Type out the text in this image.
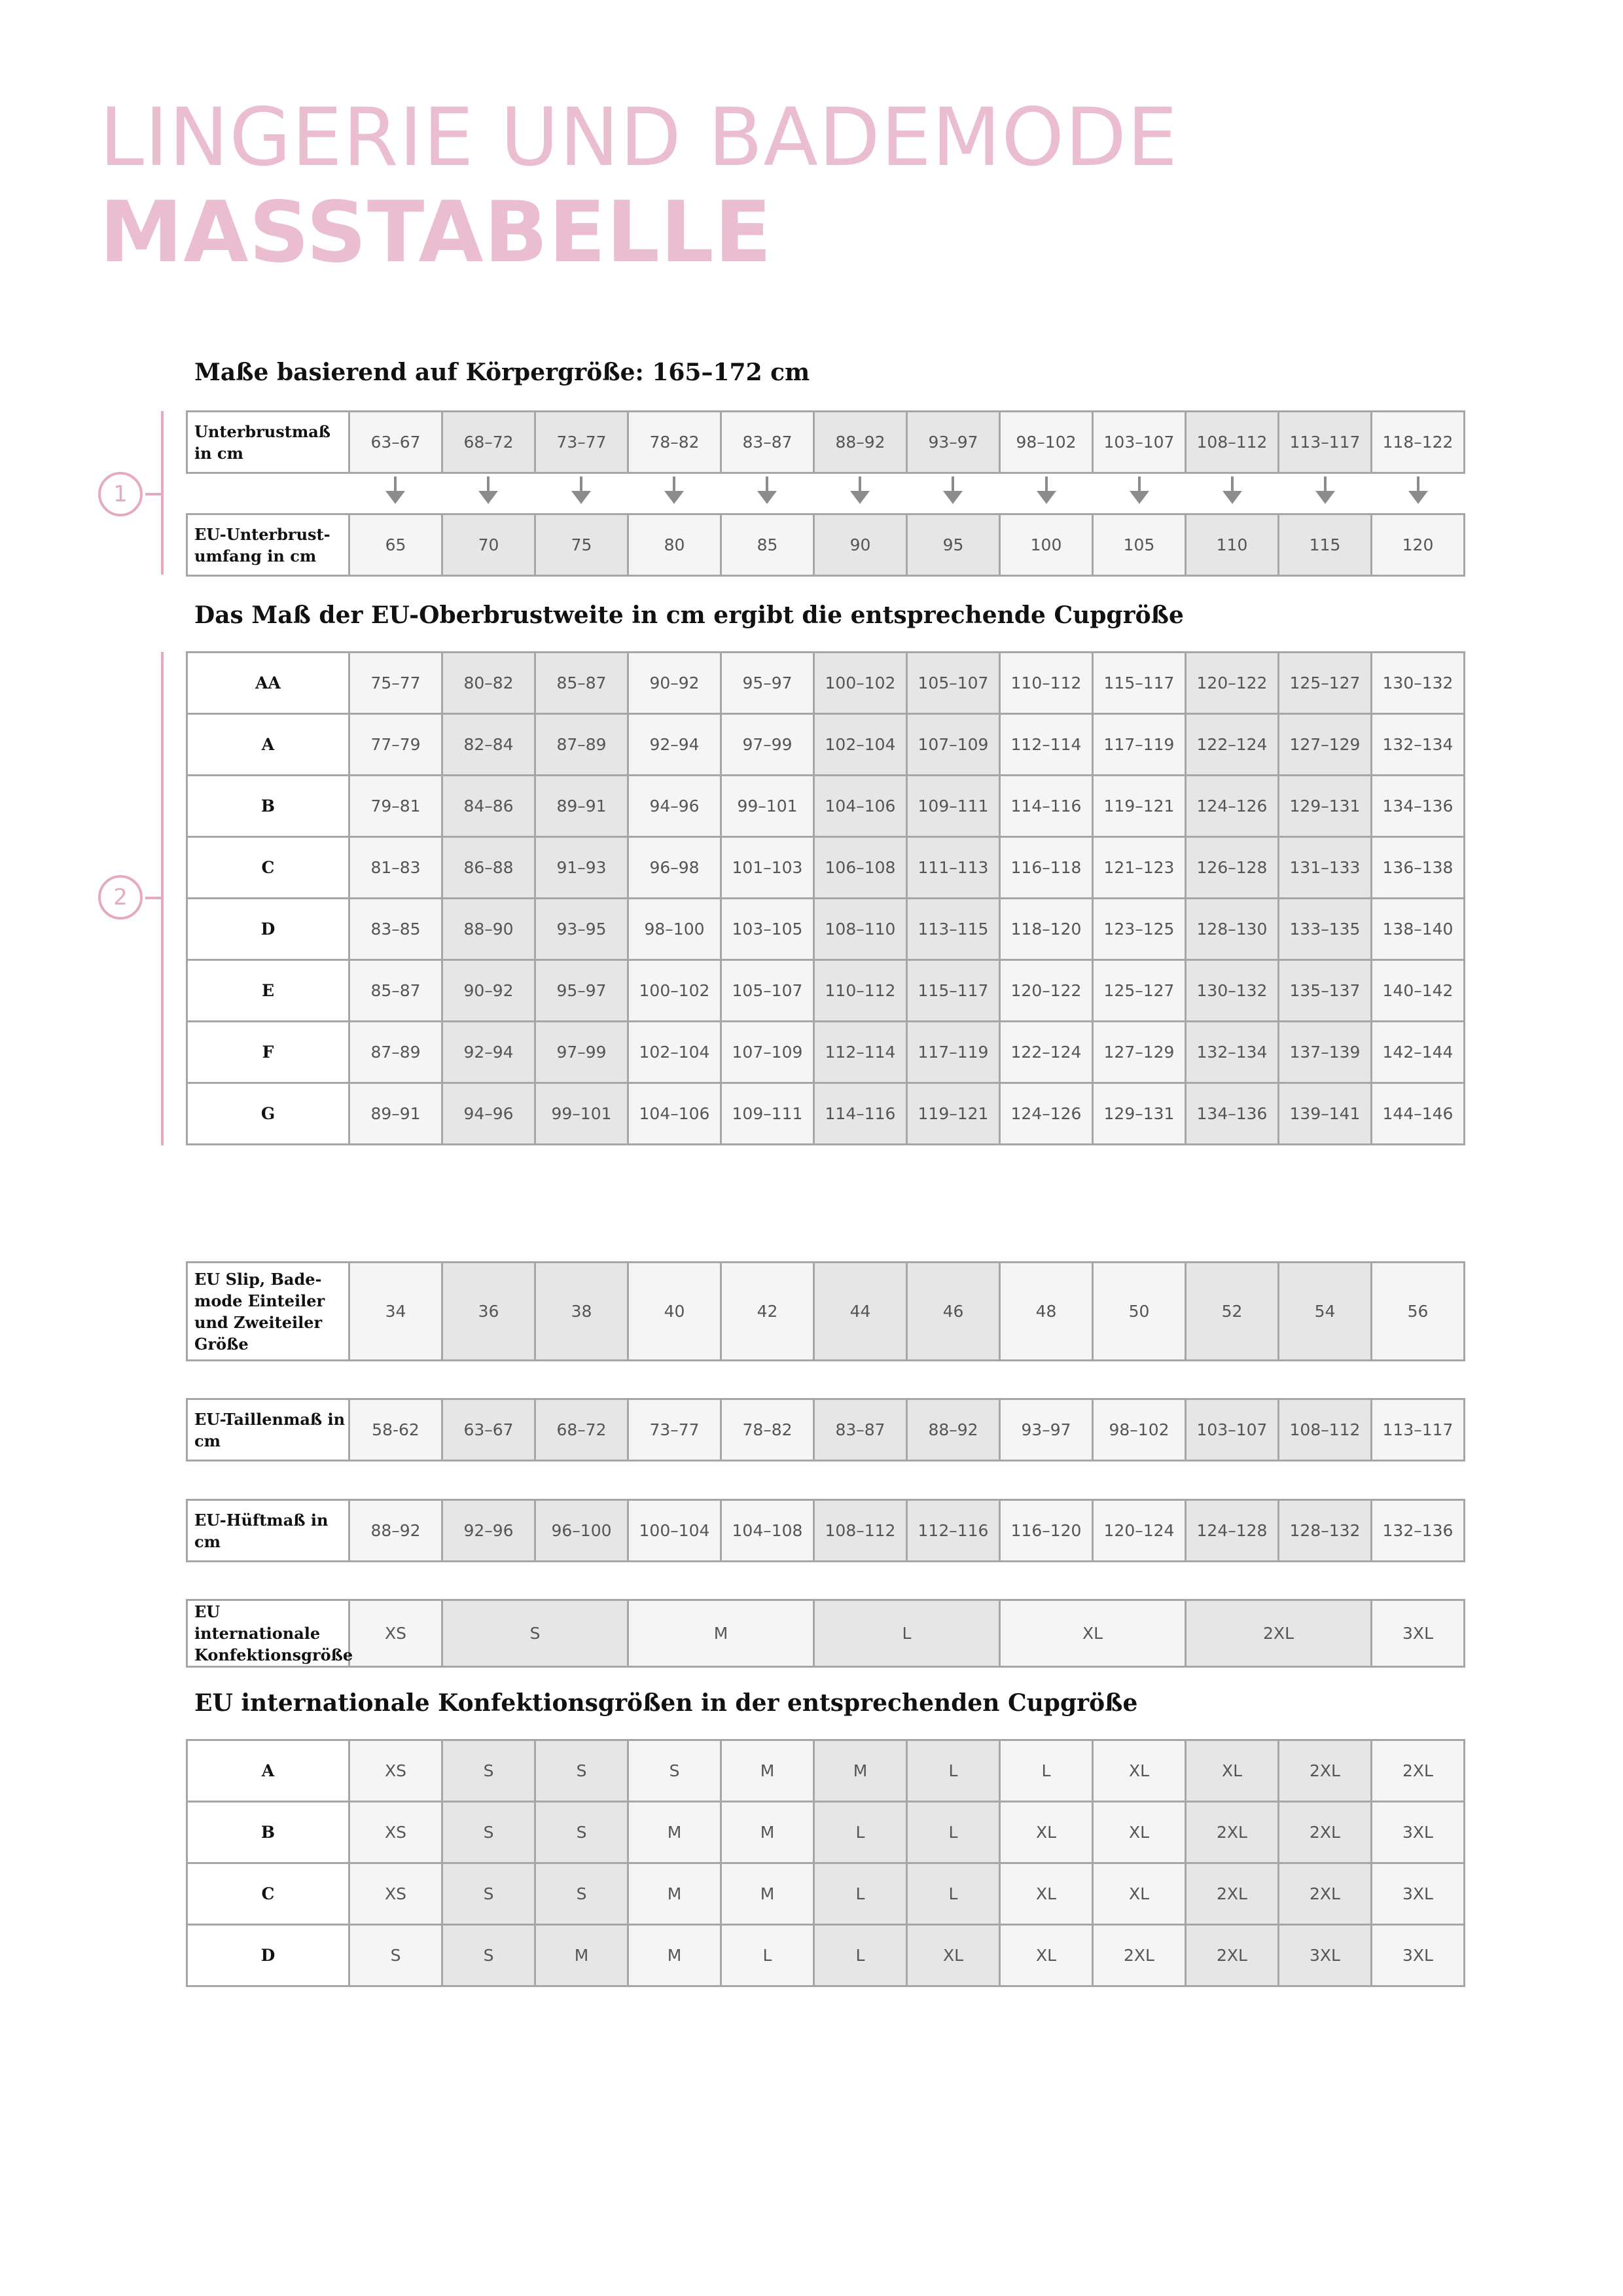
LINGERIE UND BADEMODE
MASSTABELLE
Maße basierend auf Körpergröße: 165–172 cm
1
Unterbrustmaß in cm	63–67	68–72	73–77	78–82	83–87	88–92	93–97	98–102	103–107	108–112	113–117	118–122
EU-Unterbrust-umfang in cm	65	70	75	80	85	90	95	100	105	110	115	120
Das Maß der EU-Oberbrustweite in cm ergibt die entsprechende Cupgröße
2
AA	75–77	80–82	85–87	90–92	95–97	100–102	105–107	110–112	115–117	120–122	125–127	130–132
A	77–79	82–84	87–89	92–94	97–99	102–104	107–109	112–114	117–119	122–124	127–129	132–134
B	79–81	84–86	89–91	94–96	99–101	104–106	109–111	114–116	119–121	124–126	129–131	134–136
C	81–83	86–88	91–93	96–98	101–103	106–108	111–113	116–118	121–123	126–128	131–133	136–138
D	83–85	88–90	93–95	98–100	103–105	108–110	113–115	118–120	123–125	128–130	133–135	138–140
E	85–87	90–92	95–97	100–102	105–107	110–112	115–117	120–122	125–127	130–132	135–137	140–142
F	87–89	92–94	97–99	102–104	107–109	112–114	117–119	122–124	127–129	132–134	137–139	142–144
G	89–91	94–96	99–101	104–106	109–111	114–116	119–121	124–126	129–131	134–136	139–141	144–146
EU Slip, Bade-mode Einteiler und Zweiteiler Größe	34	36	38	40	42	44	46	48	50	52	54	56
EU-Taillenmaß in cm	58-62	63–67	68–72	73–77	78–82	83–87	88–92	93–97	98–102	103–107	108–112	113–117
EU-Hüftmaß in cm	88–92	92–96	96–100	100–104	104–108	108–112	112–116	116–120	120–124	124–128	128–132	132–136
EU internationale Konfektionsgröße	XS	S	M	L	XL	2XL	3XL
EU internationale Konfektionsgrößen in der entsprechenden Cupgröße
A	XS	S	S	S	M	M	L	L	XL	XL	2XL	2XL
B	XS	S	S	M	M	L	L	XL	XL	2XL	2XL	3XL
C	XS	S	S	M	M	L	L	XL	XL	2XL	2XL	3XL
D	S	S	M	M	L	L	XL	XL	2XL	2XL	3XL	3XL
